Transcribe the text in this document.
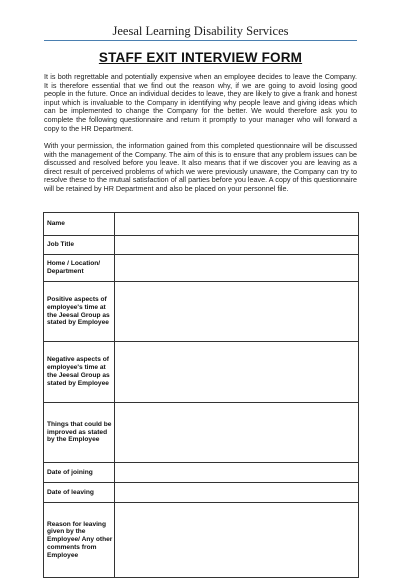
Jeesal Learning Disability Services
STAFF EXIT INTERVIEW FORM
It is both regrettable and potentially expensive when an employee decides to leave the Company. It is therefore essential that we find out the reason why, if we are going to avoid losing good people in the future. Once an individual decides to leave, they are likely to give a frank and honest input which is invaluable to the Company in identifying why people leave and giving ideas which can be implemented to change the Company for the better. We would therefore ask you to complete the following questionnaire and return it promptly to your manager who will forward a copy to the HR Department.
With your permission, the information gained from this completed questionnaire will be discussed with the management of the Company. The aim of this is to ensure that any problem issues can be discussed and resolved before you leave. It also means that if we discover you are leaving as a direct result of perceived problems of which we were previously unaware, the Company can try to resolve these to the mutual satisfaction of all parties before you leave. A copy of this questionnaire will be retained by HR Department and also be placed on your personnel file.
Name	
Job Title	
Home / Location/ Department	
Positive aspects of employee's time at the Jeesal Group as stated by Employee	
Negative aspects of employee's time at the Jeesal Group as stated by Employee	
Things that could be improved as stated by the Employee	
Date of joining	
Date of leaving	
Reason for leaving given by the Employee/ Any other comments from Employee	
